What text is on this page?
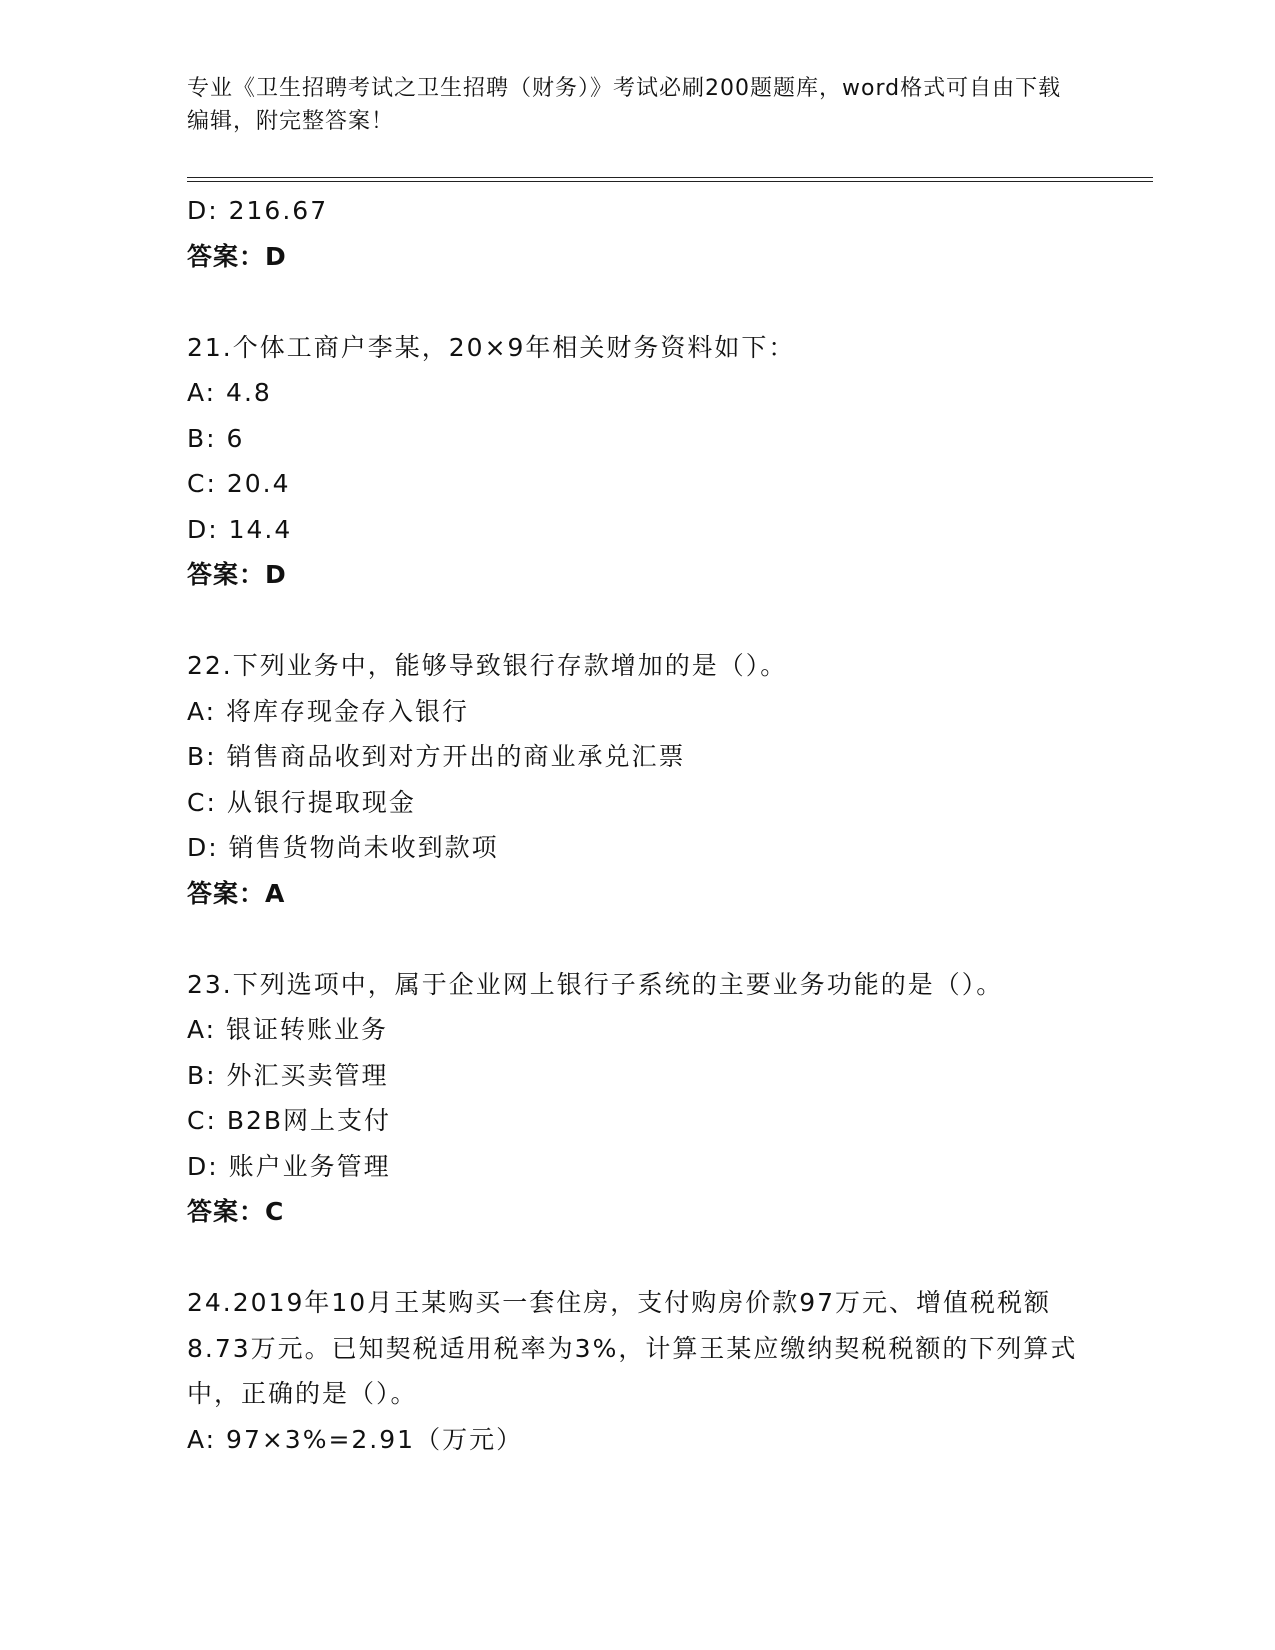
专业《卫生招聘考试之卫生招聘（财务）》考试必刷200题题库，word格式可自由下载编辑，附完整答案！
D: 216.67
答案：D
21.个体工商户李某，20×9年相关财务资料如下：
A: 4.8
B: 6
C: 20.4
D: 14.4
答案：D
22.下列业务中，能够导致银行存款增加的是（）。
A: 将库存现金存入银行
B: 销售商品收到对方开出的商业承兑汇票
C: 从银行提取现金
D: 销售货物尚未收到款项
答案：A
23.下列选项中，属于企业网上银行子系统的主要业务功能的是（）。
A: 银证转账业务
B: 外汇买卖管理
C: B2B网上支付
D: 账户业务管理
答案：C
24.2019年10月王某购买一套住房，支付购房价款97万元、增值税税额8.73万元。已知契税适用税率为3%，计算王某应缴纳契税税额的下列算式中，正确的是（）。
A: 97×3%=2.91（万元）
